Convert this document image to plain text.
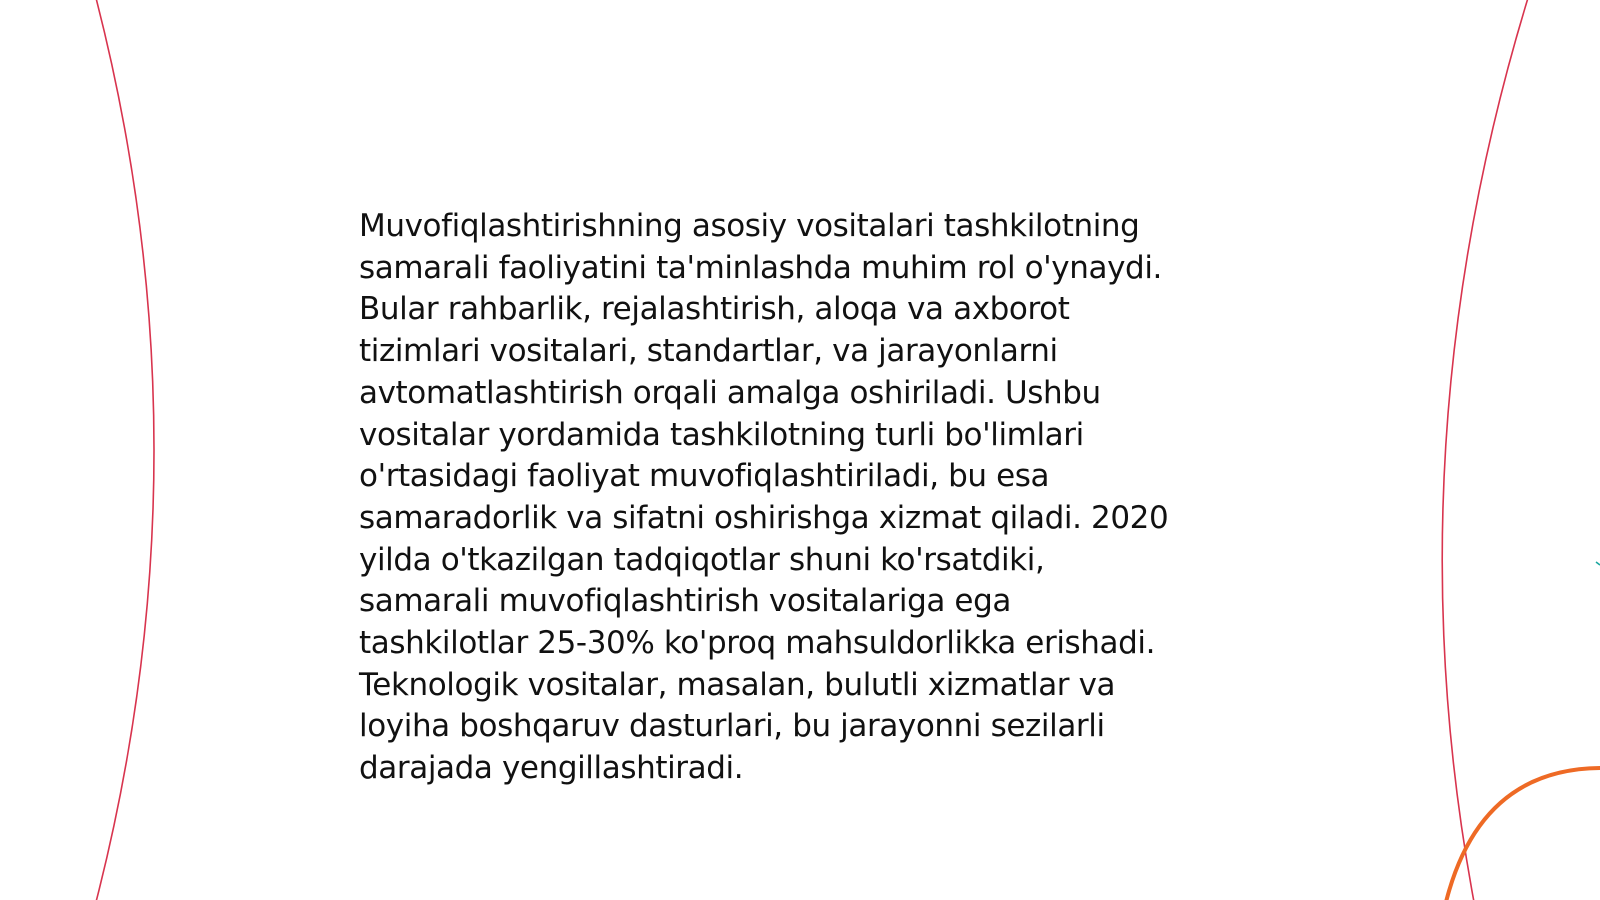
Muvofiqlashtirishning asosiy vositalari tashkilotning
samarali faoliyatini ta'minlashda muhim rol o'ynaydi.
Bular rahbarlik, rejalashtirish, aloqa va axborot
tizimlari vositalari, standartlar, va jarayonlarni
avtomatlashtirish orqali amalga oshiriladi. Ushbu
vositalar yordamida tashkilotning turli bo'limlari
o'rtasidagi faoliyat muvofiqlashtiriladi, bu esa
samaradorlik va sifatni oshirishga xizmat qiladi. 2020
yilda o'tkazilgan tadqiqotlar shuni ko'rsatdiki,
samarali muvofiqlashtirish vositalariga ega
tashkilotlar 25-30% ko'proq mahsuldorlikka erishadi.
Teknologik vositalar, masalan, bulutli xizmatlar va
loyiha boshqaruv dasturlari, bu jarayonni sezilarli
darajada yengillashtiradi.
